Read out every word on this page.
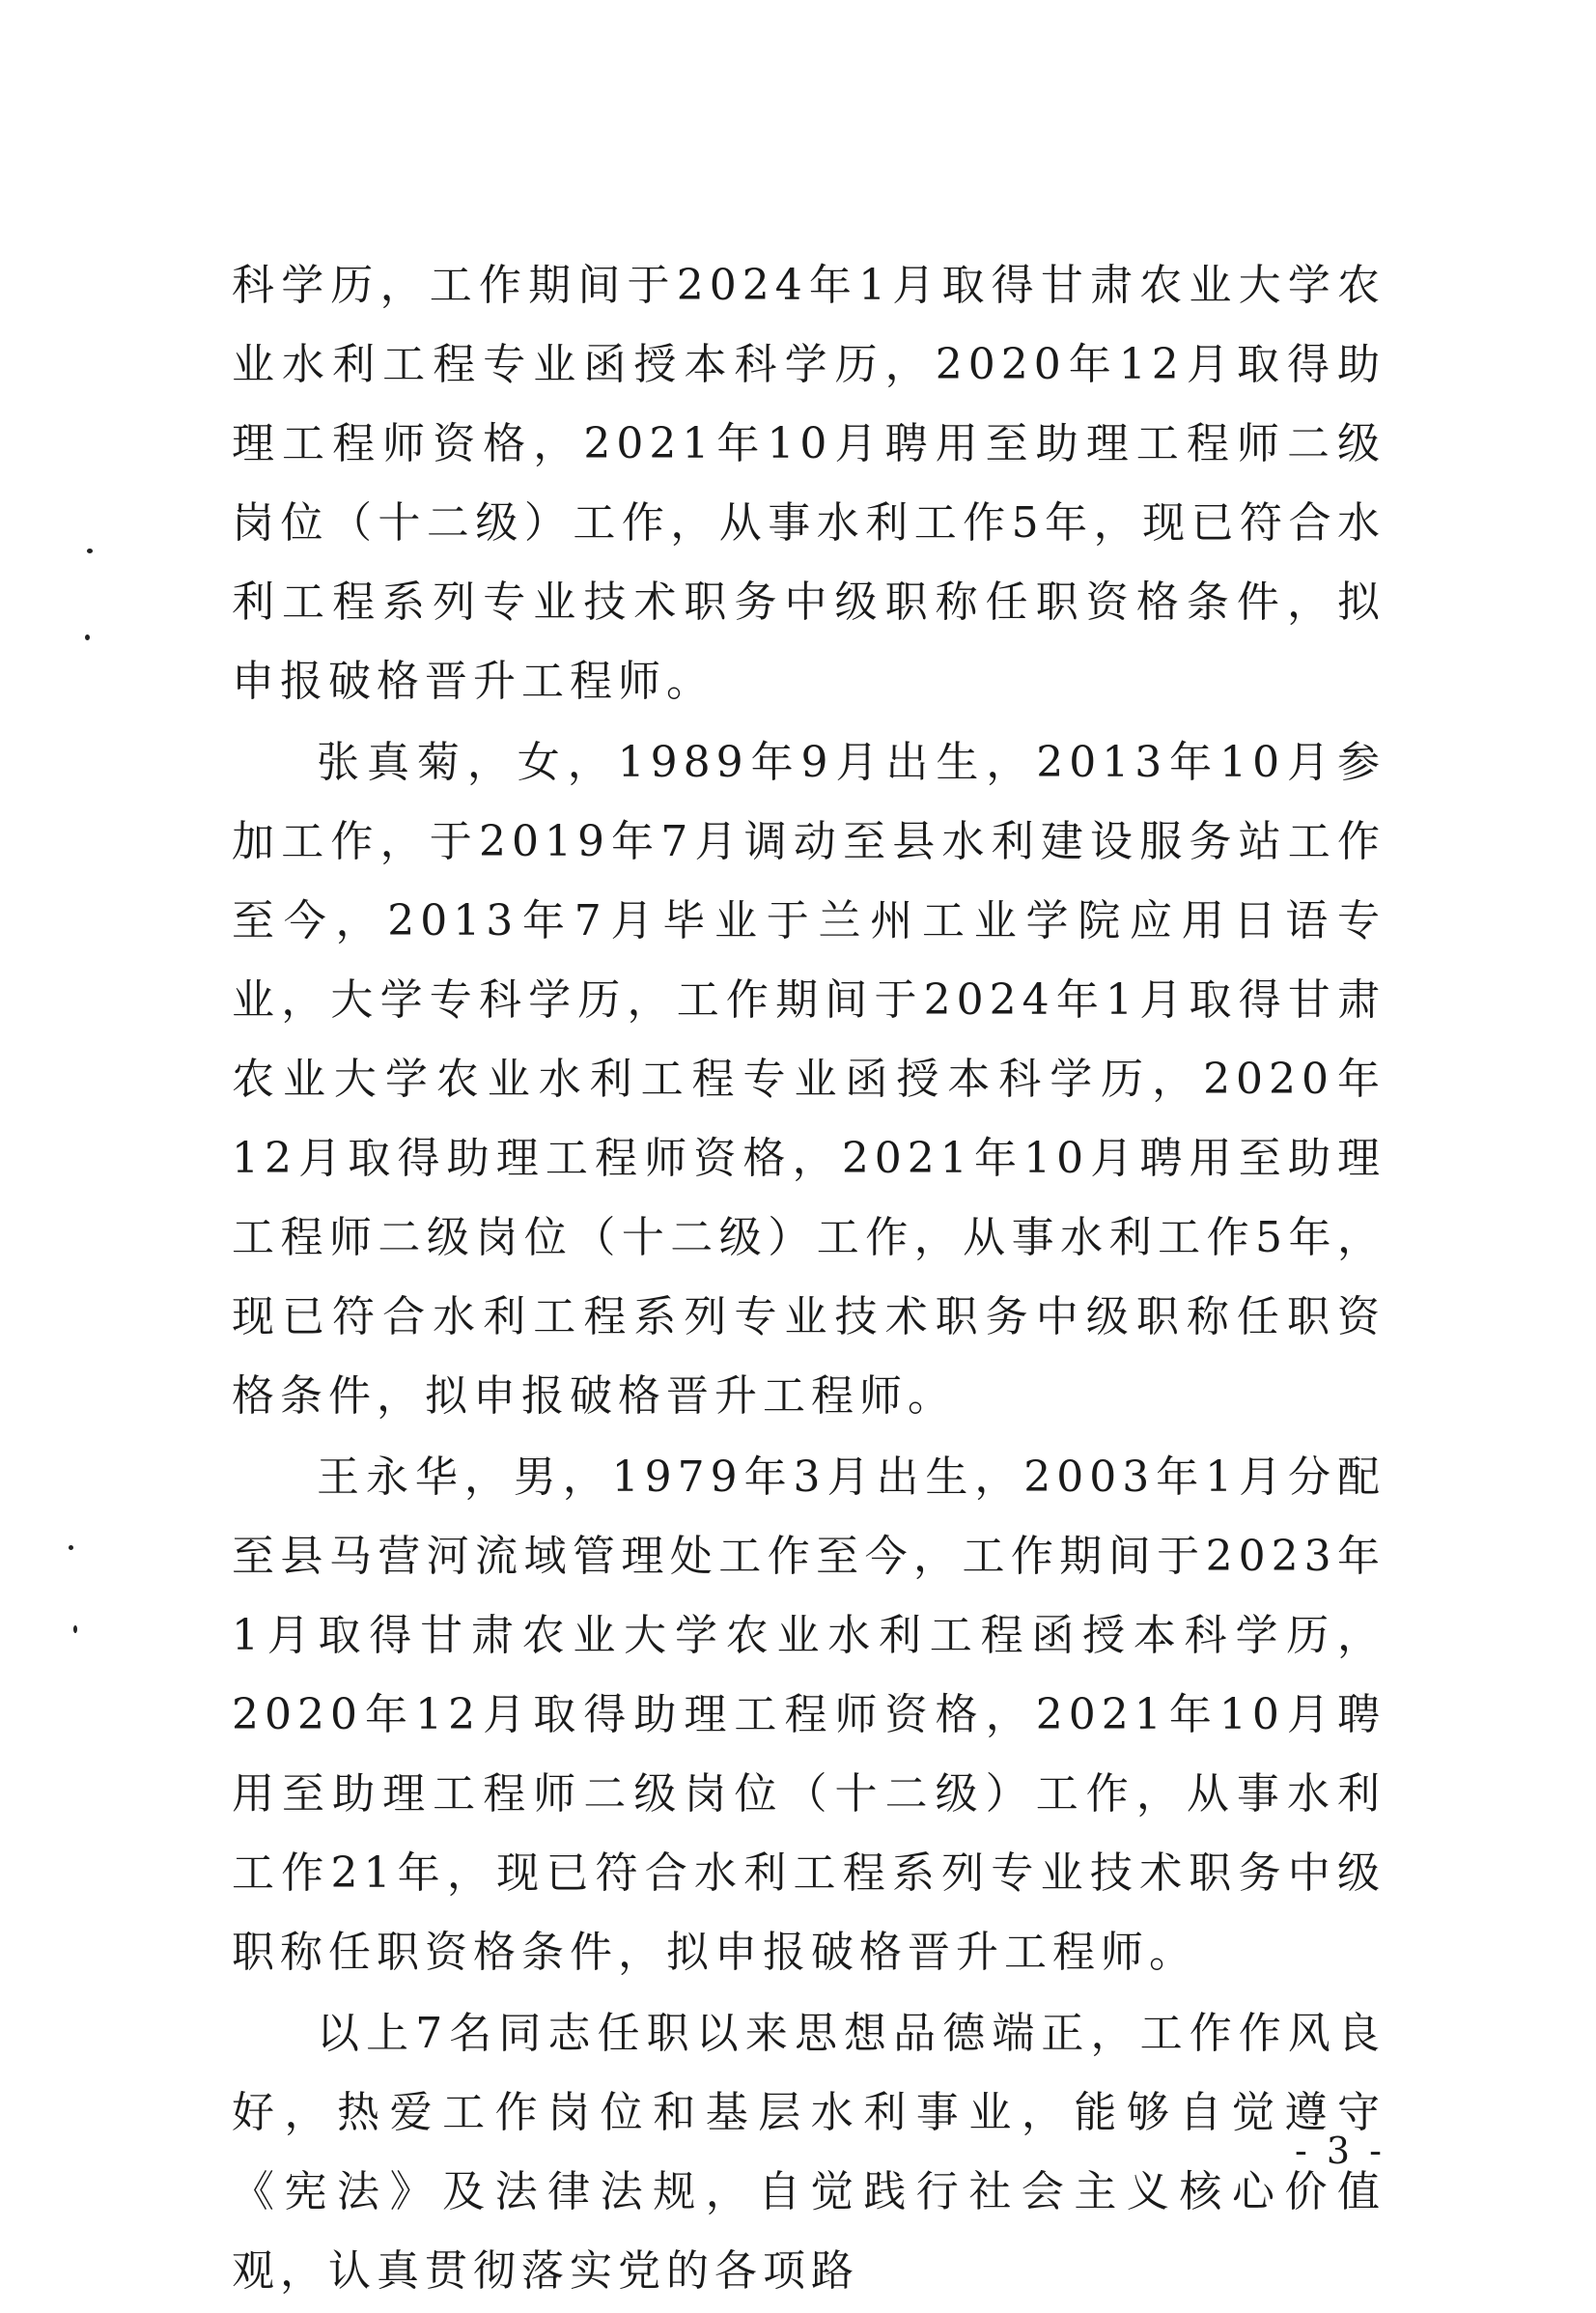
科学历，工作期间于2024年1月取得甘肃农业大学农业水利工程专业函授本科学历，2020年12月取得助理工程师资格，2021年10月聘用至助理工程师二级岗位（十二级）工作，从事水利工作5年，现已符合水利工程系列专业技术职务中级职称任职资格条件，拟申报破格晋升工程师。

张真菊，女，1989年9月出生，2013年10月参加工作，于2019年7月调动至县水利建设服务站工作至今，2013年7月毕业于兰州工业学院应用日语专业，大学专科学历，工作期间于2024年1月取得甘肃农业大学农业水利工程专业函授本科学历，2020年12月取得助理工程师资格，2021年10月聘用至助理工程师二级岗位（十二级）工作，从事水利工作5年，现已符合水利工程系列专业技术职务中级职称任职资格条件，拟申报破格晋升工程师。

王永华，男，1979年3月出生，2003年1月分配至县马营河流域管理处工作至今，工作期间于2023年1月取得甘肃农业大学农业水利工程函授本科学历，2020年12月取得助理工程师资格，2021年10月聘用至助理工程师二级岗位（十二级）工作，从事水利工作21年，现已符合水利工程系列专业技术职务中级职称任职资格条件，拟申报破格晋升工程师。

以上7名同志任职以来思想品德端正，工作作风良好，热爱工作岗位和基层水利事业，能够自觉遵守《宪法》及法律法规，自觉践行社会主义核心价值观，认真贯彻落实党的各项路

- 3 -
